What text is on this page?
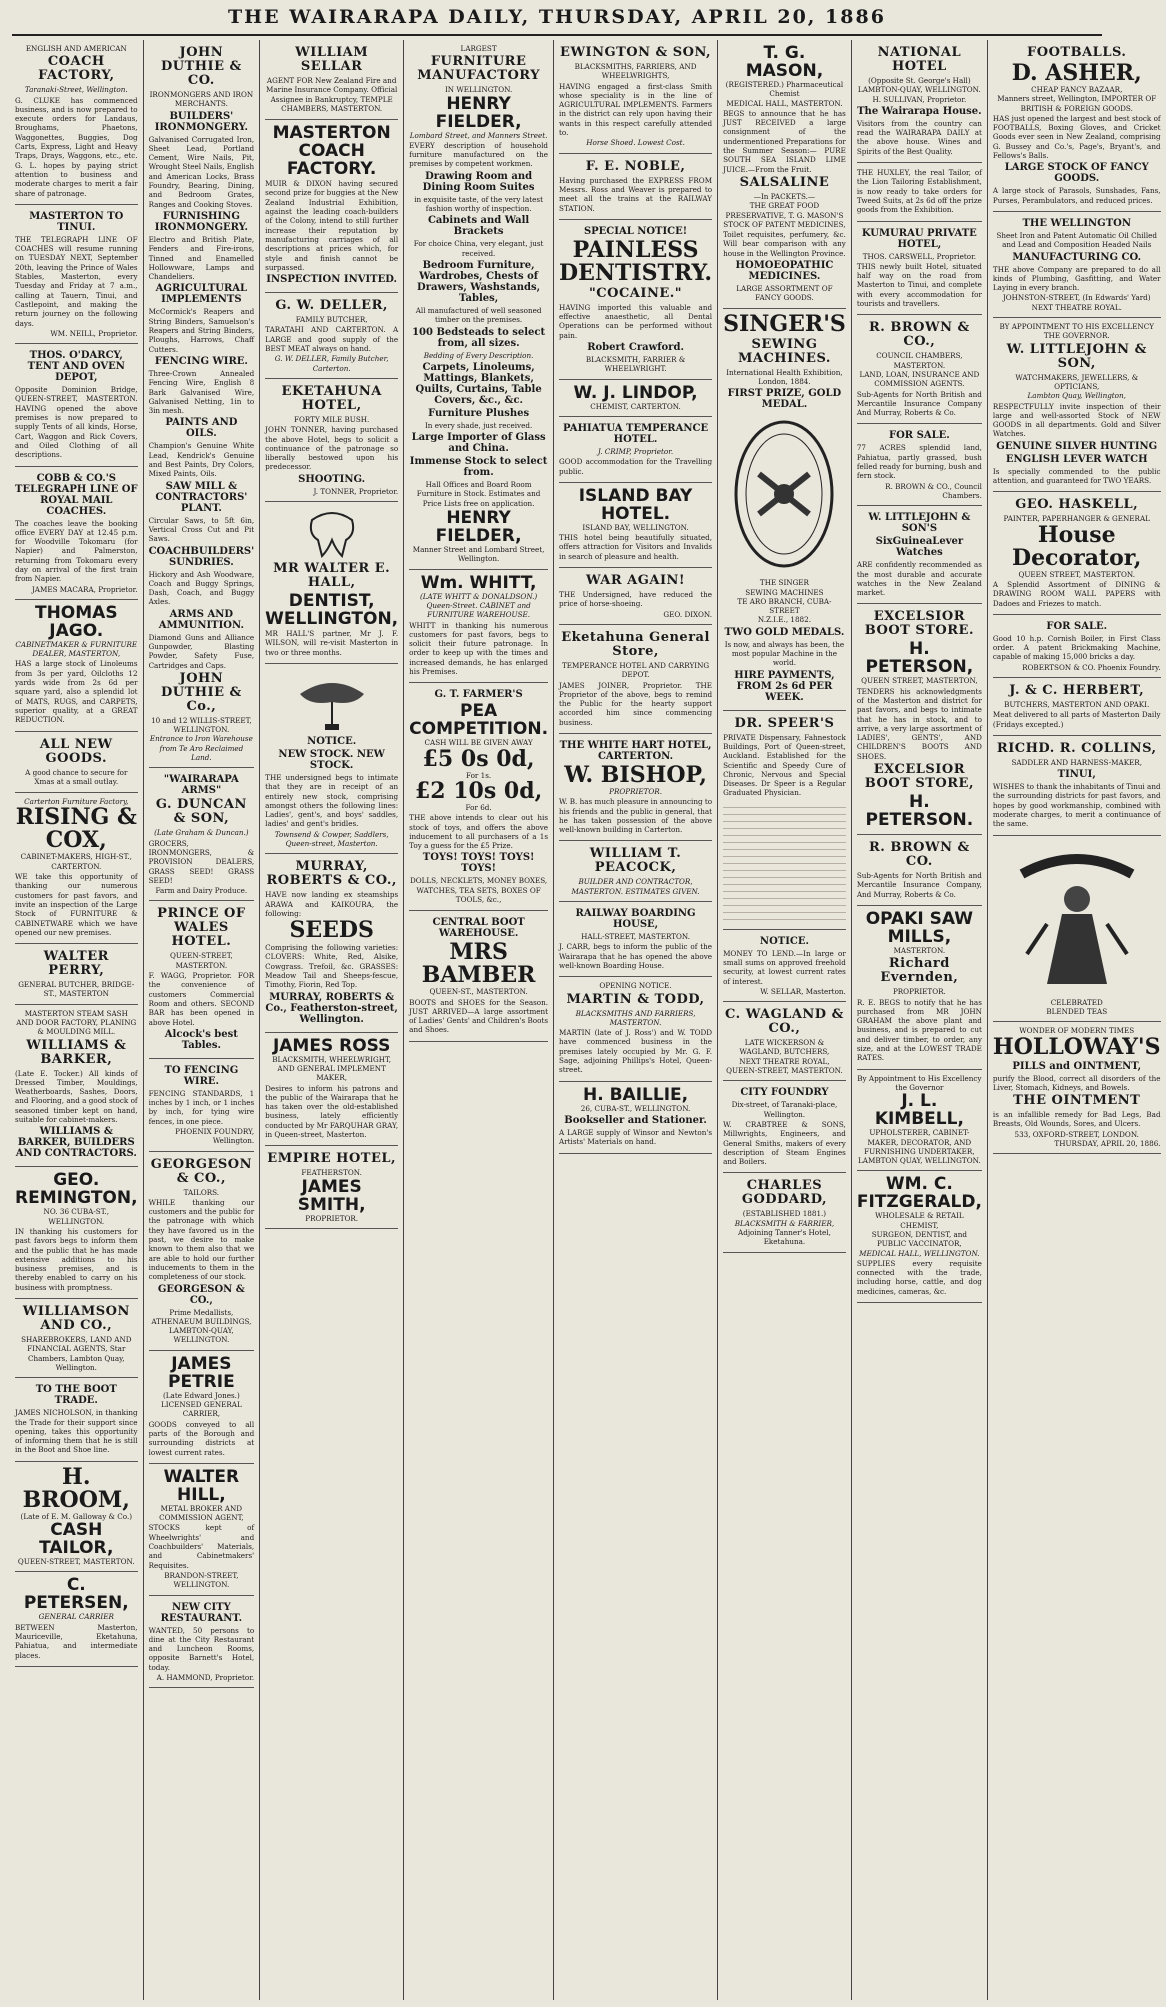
THE WAIRARAPA DAILY, THURSDAY, APRIL 20, 1886
ENGLISH AND AMERICAN
COACH FACTORY,
Taranaki-Street, Wellington.

G. CLUKE has commenced business, and is now prepared to execute orders for Landaus, Broughams, Phaetons, Waggonettes, Buggies, Dog Carts, Express, Light and Heavy Traps, Drays, Waggons, etc., etc. G. L. hopes by paying strict attention to business and moderate charges to merit a fair share of patronage.

MASTERTON TO TINUI.

THE TELEGRAPH LINE OF COACHES will resume running on TUESDAY NEXT, September 20th, leaving the Prince of Wales Stables, Masterton, every Tuesday and Friday at 7 a.m., calling at Tauern, Tinui, and Castlepoint, and making the return journey on the following days.

WM. NEILL, Proprietor.
THOS. O'DARCY, TENT AND OVEN DEPOT,

Opposite Dominion Bridge, QUEEN-STREET, MASTERTON. HAVING opened the above premises is now prepared to supply Tents of all kinds, Horse, Cart, Waggon and Rick Covers, and Oiled Clothing of all descriptions.

COBB & CO.'S TELEGRAPH LINE OF ROYAL MAIL COACHES.

The coaches leave the booking office EVERY DAY at 12.45 p.m. for Woodville Tokomaru (for Napier) and Palmerston, returning from Tokomaru every day on arrival of the first train from Napier.

JAMES MACARA, Proprietor.
THOMAS JAGO.
CABINETMAKER & FURNITURE DEALER, MASTERTON,

HAS a large stock of Linoleums from 3s per yard, Oilcloths 12 yards wide from 2s 6d per square yard, also a splendid lot of MATS, RUGS, and CARPETS, superior quality, at a GREAT REDUCTION.

ALL NEW GOODS.

A good chance to secure for Xmas at a small outlay.

Carterton Furniture Factory,
RISING & COX,
CABINET-MAKERS, HIGH-ST., CARTERTON.

WE take this opportunity of thanking our numerous customers for past favors, and invite an inspection of the Large Stock of FURNITURE & CABINETWARE which we have opened our new premises.

WALTER PERRY,
GENERAL BUTCHER, BRIDGE-ST., MASTERTON
MASTERTON STEAM SASH AND DOOR FACTORY, PLANING & MOULDING MILL.
WILLIAMS & BARKER,

(Late E. Tocker.) All kinds of Dressed Timber, Mouldings, Weatherboards, Sashes, Doors, and Flooring, and a good stock of seasoned timber kept on hand, suitable for cabinet-makers.

WILLIAMS & BARKER, BUILDERS AND CONTRACTORS.
GEO. REMINGTON,
NO. 36 CUBA-ST., WELLINGTON.

IN thanking his customers for past favors begs to inform them and the public that he has made extensive additions to his business premises, and is thereby enabled to carry on his business with promptness.

WILLIAMSON AND CO.,
SHAREBROKERS, LAND AND FINANCIAL AGENTS, Star Chambers, Lambton Quay, Wellington.
TO THE BOOT TRADE.

JAMES NICHOLSON, in thanking the Trade for their support since opening, takes this opportunity of informing them that he is still in the Boot and Shoe line.

H. BROOM,
(Late of E. M. Galloway & Co.)
CASH TAILOR,
QUEEN-STREET, MASTERTON.
C. PETERSEN,
GENERAL CARRIER

BETWEEN Masterton, Mauriceville, Eketahuna, Pahiatua, and intermediate places.

JOHN DUTHIE & CO.
IRONMONGERS AND IRON MERCHANTS.
BUILDERS' IRONMONGERY.

Galvanised Corrugated Iron, Sheet Lead, Portland Cement, Wire Nails, Pit, Wrought Steel Nails, English and American Locks, Brass Foundry, Bearing, Dining, and Bedroom Grates, Ranges and Cooking Stoves.

FURNISHING IRONMONGERY.

Electro and British Plate, Fenders and Fire-irons, Tinned and Enamelled Hollowware, Lamps and Chandeliers.

AGRICULTURAL IMPLEMENTS

McCormick's Reapers and String Binders, Samuelson's Reapers and String Binders, Ploughs, Harrows, Chaff Cutters.

FENCING WIRE.

Three-Crown Annealed Fencing Wire, English 8 Bark Galvanised Wire, Galvanised Netting, 1in to 3in mesh.

PAINTS AND OILS.

Champion's Genuine White Lead, Kendrick's Genuine and Best Paints, Dry Colors, Mixed Paints, Oils.

SAW MILL & CONTRACTORS' PLANT.

Circular Saws, to 5ft 6in, Vertical Cross Cut and Pit Saws.

COACHBUILDERS' SUNDRIES.

Hickory and Ash Woodware, Coach and Buggy Springs, Dash, Coach, and Buggy Axles.

ARMS AND AMMUNITION.

Diamond Guns and Alliance Gunpowder, Blasting Powder, Safety Fuse, Cartridges and Caps.

JOHN DUTHIE & Co.,
10 and 12 WILLIS-STREET, WELLINGTON.
Entrance to Iron Warehouse from Te Aro Reclaimed Land.
"WAIRARAPA ARMS"
G. DUNCAN & SON,
(Late Graham & Duncan.)

GROCERS, IRONMONGERS, & PROVISION DEALERS, GRASS SEED! GRASS SEED!

Farm and Dairy Produce.
PRINCE OF WALES HOTEL.
QUEEN-STREET, MASTERTON.

F. WAGG, Proprietor. FOR the convenience of customers Commercial Room and others. SECOND BAR has been opened in above Hotel.

Alcock's best Tables.
TO FENCING WIRE.

FENCING STANDARDS, 1 inches by 1 inch, or 1 inches by inch, for tying wire fences, in one piece.

PHOENIX FOUNDRY, Wellington.
GEORGESON & CO.,
TAILORS.

WHILE thanking our customers and the public for the patronage with which they have favored us in the past, we desire to make known to them also that we are able to hold our further inducements to them in the completeness of our stock.

GEORGESON & CO.,
Prime Medallists, ATHENAEUM BUILDINGS, LAMBTON-QUAY, WELLINGTON.
JAMES PETRIE
(Late Edward Jones.) LICENSED GENERAL CARRIER,

GOODS conveyed to all parts of the Borough and surrounding districts at lowest current rates.

WALTER HILL,
METAL BROKER AND COMMISSION AGENT,

STOCKS kept of Wheelwrights' and Coachbuilders' Materials, and Cabinetmakers' Requisites.

BRANDON-STREET, WELLINGTON.
NEW CITY RESTAURANT.

WANTED, 50 persons to dine at the City Restaurant and Luncheon Rooms, opposite Barnett's Hotel, today.

A. HAMMOND, Proprietor.
WILLIAM SELLAR

AGENT FOR New Zealand Fire and Marine Insurance Company. Official Assignee in Bankruptcy, TEMPLE CHAMBERS, MASTERTON.

MASTERTON COACH FACTORY.

MUIR & DIXON having secured second prize for buggies at the New Zealand Industrial Exhibition, against the leading coach-builders of the Colony, intend to still further increase their reputation by manufacturing carriages of all descriptions at prices which, for style and finish cannot be surpassed.

INSPECTION INVITED.
G. W. DELLER,
FAMILY BUTCHER,

TARATAHI AND CARTERTON. A LARGE and good supply of the BEST MEAT always on hand.

G. W. DELLER, Family Butcher, Carterton.
EKETAHUNA HOTEL,
FORTY MILE BUSH.

JOHN TONNER, having purchased the above Hotel, begs to solicit a continuance of the patronage so liberally bestowed upon his predecessor.

SHOOTING.
J. TONNER, Proprietor.
MR WALTER E. HALL,
DENTIST,
WELLINGTON,

MR HALL'S partner, Mr J. F. WILSON, will re-visit Masterton in two or three months.

NOTICE.
NEW STOCK. NEW STOCK.

THE undersigned begs to intimate that they are in receipt of an entirely new stock, comprising amongst others the following lines: Ladies', gent's, and boys' saddles, ladies' and gent's bridles.

Townsend & Cowper, Saddlers, Queen-street, Masterton.
MURRAY, ROBERTS & CO.,

HAVE now landing ex steamships ARAWA and KAIKOURA, the following:

SEEDS

Comprising the following varieties: CLOVERS: White, Red, Alsike, Cowgrass. Trefoil, &c. GRASSES: Meadow Tail and Sheeps-fescue, Timothy, Fiorin, Red Top.

MURRAY, ROBERTS & Co., Featherston-street, Wellington.
JAMES ROSS
BLACKSMITH, WHEELWRIGHT, AND GENERAL IMPLEMENT MAKER,

Desires to inform his patrons and the public of the Wairarapa that he has taken over the old-established business, lately efficiently conducted by Mr FARQUHAR GRAY, in Queen-street, Masterton.

EMPIRE HOTEL,
FEATHERSTON.
JAMES SMITH,
PROPRIETOR.
LARGEST
FURNITURE MANUFACTORY
IN WELLINGTON.
HENRY FIELDER,
Lombard Street, and Manners Street.

EVERY description of household furniture manufactured on the premises by competent workmen.

Drawing Room and Dining Room Suites

in exquisite taste, of the very latest fashion worthy of inspection.

Cabinets and Wall Brackets

For choice China, very elegant, just received.

Bedroom Furniture, Wardrobes, Chests of Drawers, Washstands, Tables,

All manufactured of well seasoned timber on the premises.

100 Bedsteads to select from, all sizes.
Bedding of Every Description.
Carpets, Linoleums, Mattings, Blankets, Quilts, Curtains, Table Covers, &c., &c.
Furniture Plushes

In every shade, just received.

Large Importer of Glass and China.
Immense Stock to select from.

Hall Offices and Board Room Furniture in Stock. Estimates and Price Lists free on application.

HENRY FIELDER,
Manner Street and Lombard Street, Wellington.
Wm. WHITT,
(LATE WHITT & DONALDSON.) Queen-Street. CABINET and FURNITURE WAREHOUSE.

WHITT in thanking his numerous customers for past favors, begs to solicit their future patronage. In order to keep up with the times and increased demands, he has enlarged his Premises.

G. T. FARMER'S
PEA COMPETITION.
CASH WILL BE GIVEN AWAY
£5 0s 0d,
For 1s.
£2 10s 0d,
For 6d.

THE above intends to clear out his stock of toys, and offers the above inducement to all purchasers of a 1s Toy a guess for the £5 Prize.

TOYS! TOYS! TOYS! TOYS!

DOLLS, NECKLETS, MONEY BOXES, WATCHES, TEA SETS, BOXES OF TOOLS, &c.,

CENTRAL BOOT WAREHOUSE.
MRS BAMBER
QUEEN-ST., MASTERTON.

BOOTS and SHOES for the Season. JUST ARRIVED—A large assortment of Ladies' Gents' and Children's Boots and Shoes.

EWINGTON & SON,
BLACKSMITHS, FARRIERS, AND WHEELWRIGHTS,

HAVING engaged a first-class Smith whose speciality is in the line of AGRICULTURAL IMPLEMENTS. Farmers in the district can rely upon having their wants in this respect carefully attended to.

Horse Shoed. Lowest Cost.
F. E. NOBLE,

Having purchased the EXPRESS FROM Messrs. Ross and Weaver is prepared to meet all the trains at the RAILWAY STATION.

SPECIAL NOTICE!
PAINLESS DENTISTRY.
"COCAINE."

HAVING imported this valuable and effective anaesthetic, all Dental Operations can be performed without pain.

Robert Crawford.
BLACKSMITH, FARRIER & WHEELWRIGHT.
W. J. LINDOP,
CHEMIST, CARTERTON.
PAHIATUA TEMPERANCE HOTEL.
J. CRIMP, Proprietor.

GOOD accommodation for the Travelling public.

ISLAND BAY HOTEL.
ISLAND BAY, WELLINGTON.

THIS hotel being beautifully situated, offers attraction for Visitors and Invalids in search of pleasure and health.

WAR AGAIN!

THE Undersigned, have reduced the price of horse-shoeing.

GEO. DIXON.
Eketahuna General Store,
TEMPERANCE HOTEL AND CARRYING DEPOT.

JAMES JOINER, Proprietor. THE Proprietor of the above, begs to remind the Public for the hearty support accorded him since commencing business.

THE WHITE HART HOTEL, CARTERTON.
W. BISHOP,
PROPRIETOR.

W. B. has much pleasure in announcing to his friends and the public in general, that he has taken possession of the above well-known building in Carterton.

WILLIAM T. PEACOCK,
BUILDER AND CONTRACTOR, MASTERTON. ESTIMATES GIVEN.
RAILWAY BOARDING HOUSE,
HALL-STREET, MASTERTON.

J. CARR, begs to inform the public of the Wairarapa that he has opened the above well-known Boarding House.

OPENING NOTICE.
MARTIN & TODD,
BLACKSMITHS AND FARRIERS, MASTERTON.

MARTIN (late of J. Ross') and W. TODD have commenced business in the premises lately occupied by Mr. G. F. Sage, adjoining Phillips's Hotel, Queen-street.

H. BAILLIE,
26, CUBA-ST., WELLINGTON.
Bookseller and Stationer.

A LARGE supply of Winsor and Newton's Artists' Materials on hand.

T. G. MASON,
(REGISTERED.) Pharmaceutical Chemist
MEDICAL HALL, MASTERTON.

BEGS to announce that he has JUST RECEIVED a large consignment of the undermentioned Preparations for the Summer Season:— PURE SOUTH SEA ISLAND LIME JUICE.—From the Fruit.

SALSALINE
—In PACKETS.—
THE GREAT FOOD PRESERVATIVE, T. G. MASON'S STOCK OF PATENT MEDICINES,

Toilet requisites, perfumery, &c. Will bear comparison with any house in the Wellington Province.

HOMOEOPATHIC MEDICINES.
LARGE ASSORTMENT OF FANCY GOODS.
SINGER'S
SEWING MACHINES.
International Health Exhibition, London, 1884.
FIRST PRIZE, GOLD MEDAL.
THE SINGER
SEWING MACHINES
TE ARO BRANCH, CUBA-STREET
N.Z.I.E., 1882.
TWO GOLD MEDALS.

Is now, and always has been, the most popular Machine in the world.

HIRE PAYMENTS, FROM 2s 6d PER WEEK.
DR. SPEER'S

PRIVATE Dispensary, Fahnestock Buildings, Port of Queen-street, Auckland. Established for the Scientific and Speedy Cure of Chronic, Nervous and Special Diseases. Dr Speer is a Regular Graduated Physician.

NOTICE.

MONEY TO LEND.—In large or small sums on approved freehold security, at lowest current rates of interest.

W. SELLAR, Masterton.
C. WAGLAND & CO.,
LATE WICKERSON & WAGLAND, BUTCHERS,
NEXT THEATRE ROYAL, QUEEN-STREET, MASTERTON.
CITY FOUNDRY
Dix-street, of Taranaki-place, Wellington.

W. CRABTREE & SONS, Millwrights, Engineers, and General Smiths, makers of every description of Steam Engines and Boilers.

CHARLES GODDARD,
(ESTABLISHED 1881.)
BLACKSMITH & FARRIER,
Adjoining Tanner's Hotel, Eketahuna.
NATIONAL HOTEL
(Opposite St. George's Hall) LAMBTON-QUAY, WELLINGTON.
H. SULLIVAN, Proprietor.
The Wairarapa House.

Visitors from the country can read the WAIRARAPA DAILY at the above house. Wines and Spirits of the Best Quality.

THE HUXLEY, the real Tailor, of the Lion Tailoring Establishment, is now ready to take orders for Tweed Suits, at 2s 6d off the prize goods from the Exhibition.

KUMURAU PRIVATE HOTEL,
THOS. CARSWELL, Proprietor.

THIS newly built Hotel, situated half way on the road from Masterton to Tinui, and complete with every accommodation for tourists and travellers.

R. BROWN & CO.,
COUNCIL CHAMBERS, MASTERTON.
LAND, LOAN, INSURANCE AND COMMISSION AGENTS.

Sub-Agents for North British and Mercantile Insurance Company And Murray, Roberts & Co.

FOR SALE.

77 ACRES splendid land, Pahiatua, partly grassed, bush felled ready for burning, bush and fern stock.

R. BROWN & CO., Council Chambers.
W. LITTLEJOHN & SON'S
SixGuineaLever Watches

ARE confidently recommended as the most durable and accurate watches in the New Zealand market.

EXCELSIOR BOOT STORE.
H. PETERSON,
QUEEN STREET, MASTERTON,

TENDERS his acknowledgments of the Masterton and district for past favors, and begs to intimate that he has in stock, and to arrive, a very large assortment of LADIES', GENTS', AND CHILDREN'S BOOTS AND SHOES.

EXCELSIOR BOOT STORE,
H. PETERSON.
R. BROWN & CO.

Sub-Agents for North British and Mercantile Insurance Company, And Murray, Roberts & Co.

OPAKI SAW MILLS,
MASTERTON.
Richard Evernden,
PROPRIETOR.

R. E. BEGS to notify that he has purchased from MR JOHN GRAHAM the above plant and business, and is prepared to cut and deliver timber, to order, any size, and at the LOWEST TRADE RATES.

By Appointment to His Excellency the Governor
J. L. KIMBELL,
UPHOLSTERER, CABINET-MAKER, DECORATOR, AND FURNISHING UNDERTAKER,
LAMBTON QUAY, WELLINGTON.
WM. C. FITZGERALD,
WHOLESALE & RETAIL CHEMIST,
SURGEON, DENTIST, and PUBLIC VACCINATOR,
MEDICAL HALL, WELLINGTON.

SUPPLIES every requisite connected with the trade, including horse, cattle, and dog medicines, cameras, &c.

FOOTBALLS.
D. ASHER,
CHEAP FANCY BAZAAR,
Manners street, Wellington, IMPORTER OF BRITISH & FOREIGN GOODS.

HAS just opened the largest and best stock of FOOTBALLS, Boxing Gloves, and Cricket Goods ever seen in New Zealand, comprising G. Bussey and Co.'s, Page's, Bryant's, and Fellows's Balls.

LARGE STOCK OF FANCY GOODS.

A large stock of Parasols, Sunshades, Fans, Purses, Perambulators, and reduced prices.

THE WELLINGTON
Sheet Iron and Patent Automatic Oil Chilled and Lead and Composition Headed Nails
MANUFACTURING CO.

THE above Company are prepared to do all kinds of Plumbing, Gasfitting, and Water Laying in every branch.

JOHNSTON-STREET, (In Edwards' Yard) NEXT THEATRE ROYAL.
BY APPOINTMENT TO HIS EXCELLENCY THE GOVERNOR.
W. LITTLEJOHN & SON,
WATCHMAKERS, JEWELLERS, & OPTICIANS,
Lambton Quay, Wellington,

RESPECTFULLY invite inspection of their large and well-assorted Stock of NEW GOODS in all departments. Gold and Silver Watches.

GENUINE SILVER HUNTING
ENGLISH LEVER WATCH

Is specially commended to the public attention, and guaranteed for TWO YEARS.

GEO. HASKELL,
PAINTER, PAPERHANGER & GENERAL
House Decorator,
QUEEN STREET, MASTERTON.

A Splendid Assortment of DINING & DRAWING ROOM WALL PAPERS with Dadoes and Friezes to match.

FOR SALE.

Good 10 h.p. Cornish Boiler, in First Class order. A patent Brickmaking Machine, capable of making 15,000 bricks a day.

ROBERTSON & CO. Phoenix Foundry.
J. & C. HERBERT,
BUTCHERS, MASTERTON AND OPAKI.

Meat delivered to all parts of Masterton Daily (Fridays excepted.)

RICHD. R. COLLINS,
SADDLER AND HARNESS-MAKER,
TINUI,

WISHES to thank the inhabitants of Tinui and the surrounding districts for past favors, and hopes by good workmanship, combined with moderate charges, to merit a continuance of the same.

CELEBRATED
BLENDED TEAS
WONDER OF MODERN TIMES
HOLLOWAY'S
PILLS and OINTMENT,

purify the Blood, correct all disorders of the Liver, Stomach, Kidneys, and Bowels.

THE OINTMENT

is an infallible remedy for Bad Legs, Bad Breasts, Old Wounds, Sores, and Ulcers.

533, OXFORD-STREET, LONDON.
THURSDAY, APRIL 20, 1886.
